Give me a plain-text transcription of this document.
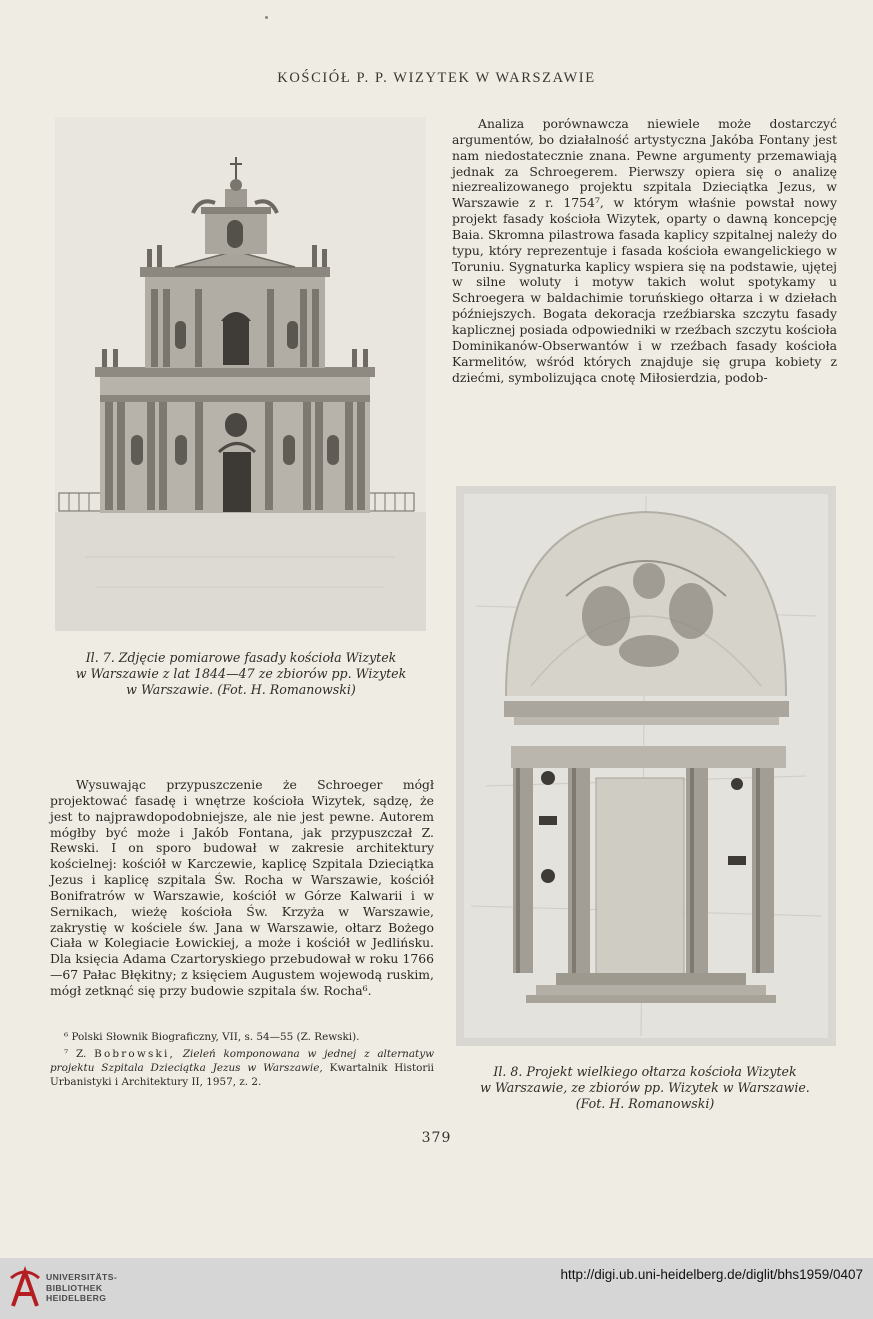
KOŚCIÓŁ P. P. WIZYTEK W WARSZAWIE
Il. 7. Zdjęcie pomiarowe fasady kościoła Wizytek
w Warszawie z lat 1844—47 ze zbiorów pp. Wizytek
w Warszawie. (Fot. H. Romanowski)

Analiza porównawcza niewiele może dostarczyć argumentów, bo działalność artystyczna Jakóba Fontany jest nam niedostatecznie znana. Pewne argumenty przemawiają jednak za Schroegerem. Pierwszy opiera się o analizę niezrealizowanego projektu szpitala Dzieciątka Jezus, w Warszawie z r. 1754⁷, w którym właśnie powstał nowy projekt fasady kościoła Wizytek, oparty o dawną koncepcję Baia. Skromna pilastrowa fasada kaplicy szpitalnej należy do typu, który reprezentuje i fasada kościoła ewangelickiego w Toruniu. Sygnaturka kaplicy wspiera się na podstawie, ujętej w silne woluty i motyw takich wolut spotykamy u Schroegera w baldachimie toruńskiego ołtarza i w dziełach późniejszych. Bogata dekoracja rzeźbiarska szczytu fasady kaplicznej posiada odpowiedniki w rzeźbach szczytu kościoła Dominikanów-Obserwantów i w rzeźbach fasady kościoła Karmelitów, wśród których znajduje się grupa kobiety z dziećmi, symbolizująca cnotę Miłosierdzia, podob-

Il. 8. Projekt wielkiego ołtarza kościoła Wizytek
w Warszawie, ze zbiorów pp. Wizytek w Warszawie.
(Fot. H. Romanowski)

Wysuwając przypuszczenie że Schroeger mógł projektować fasadę i wnętrze kościoła Wizytek, sądzę, że jest to najprawdopodobniejsze, ale nie jest pewne. Autorem mógłby być może i Jakób Fontana, jak przypuszczał Z. Rewski. I on sporo budował w zakresie architektury kościelnej: kościół w Karczewie, kaplicę Szpitala Dzieciątka Jezus i kaplicę szpitala Św. Rocha w Warszawie, kościół Bonifratrów w Warszawie, kościół w Górze Kalwarii i w Sernikach, wieżę kościoła Św. Krzyża w Warszawie, zakrystię w kościele św. Jana w Warszawie, ołtarz Bożego Ciała w Kolegiacie Łowickiej, a może i kościół w Jedlińsku. Dla księcia Adama Czartoryskiego przebudował w roku 1766—67 Pałac Błękitny; z księciem Augustem wojewodą ruskim, mógł zetknąć się przy budowie szpitala św. Rocha⁶.

⁶ Polski Słownik Biograficzny, VII, s. 54—55 (Z. Rewski).

⁷ Z. Bobrowski, Zieleń komponowana w jednej z alternatyw projektu Szpitala Dzieciątka Jezus w Warszawie, Kwartalnik Historii Urbanistyki i Architektury II, 1957, z. 2.

379
UNIVERSITÄTS-
BIBLIOTHEK
HEIDELBERG
http://digi.ub.uni-heidelberg.de/diglit/bhs1959/0407
